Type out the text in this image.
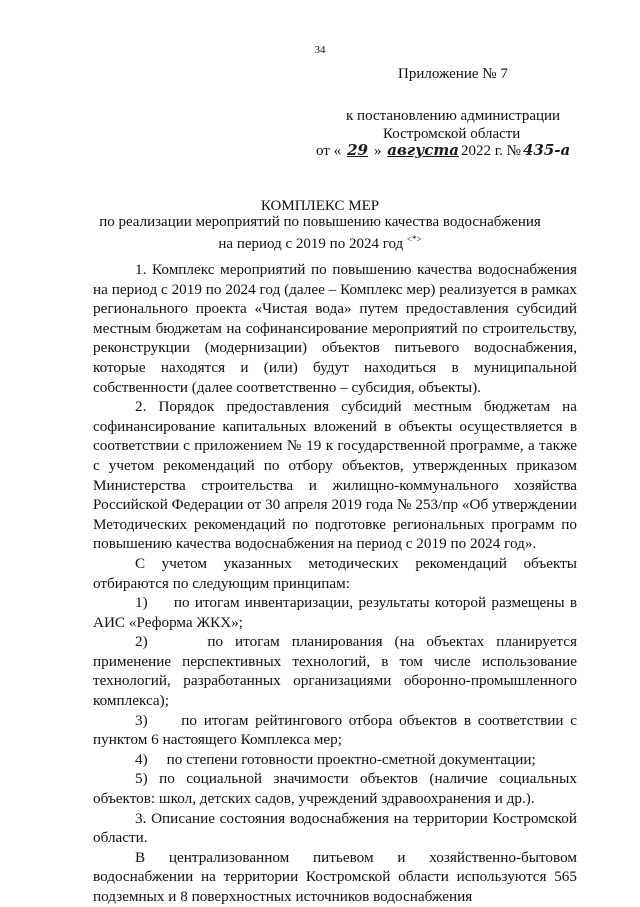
34
Приложение № 7
к постановлению администрации
Костромской области
от « 29 » августа 2022 г. № 435-а
КОМПЛЕКС МЕР
по реализации мероприятий по повышению качества водоснабжения
на период с 2019 по 2024 год <*>

1. Комплекс мероприятий по повышению качества водоснабжения на период с 2019 по 2024 год (далее – Комплекс мер) реализуется в рамках регионального проекта «Чистая вода» путем предоставления субсидий местным бюджетам на софинансирование мероприятий по строительству, реконструкции (модернизации) объектов питьевого водоснабжения, которые находятся и (или) будут находиться в муниципальной собственности (далее соответственно – субсидия, объекты).

2. Порядок предоставления субсидий местным бюджетам на софинансирование капитальных вложений в объекты осуществляется в соответствии с приложением № 19 к государственной программе, а также с учетом рекомендаций по отбору объектов, утвержденных приказом Министерства строительства и жилищно-коммунального хозяйства Российской Федерации от 30 апреля 2019 года № 253/пр «Об утверждении Методических рекомендаций по подготовке региональных программ по повышению качества водоснабжения на период с 2019 по 2024 год».

С учетом указанных методических рекомендаций объекты отбираются по следующим принципам:

1)     по итогам инвентаризации, результаты которой размещены в АИС «Реформа ЖКХ»;

2)     по итогам планирования (на объектах планируется применение перспективных технологий, в том числе использование технологий, разработанных организациями оборонно-промышленного комплекса);

3)     по итогам рейтингового отбора объектов в соответствии с пунктом 6 настоящего Комплекса мер;

4)     по степени готовности проектно-сметной документации;

5) по социальной значимости объектов (наличие социальных объектов: школ, детских садов, учреждений здравоохранения и др.).

3. Описание состояния водоснабжения на территории Костромской области.

В централизованном питьевом и хозяйственно-бытовом водоснабжении на территории Костромской области используются 565 подземных и 8 поверхностных источников водоснабжения
